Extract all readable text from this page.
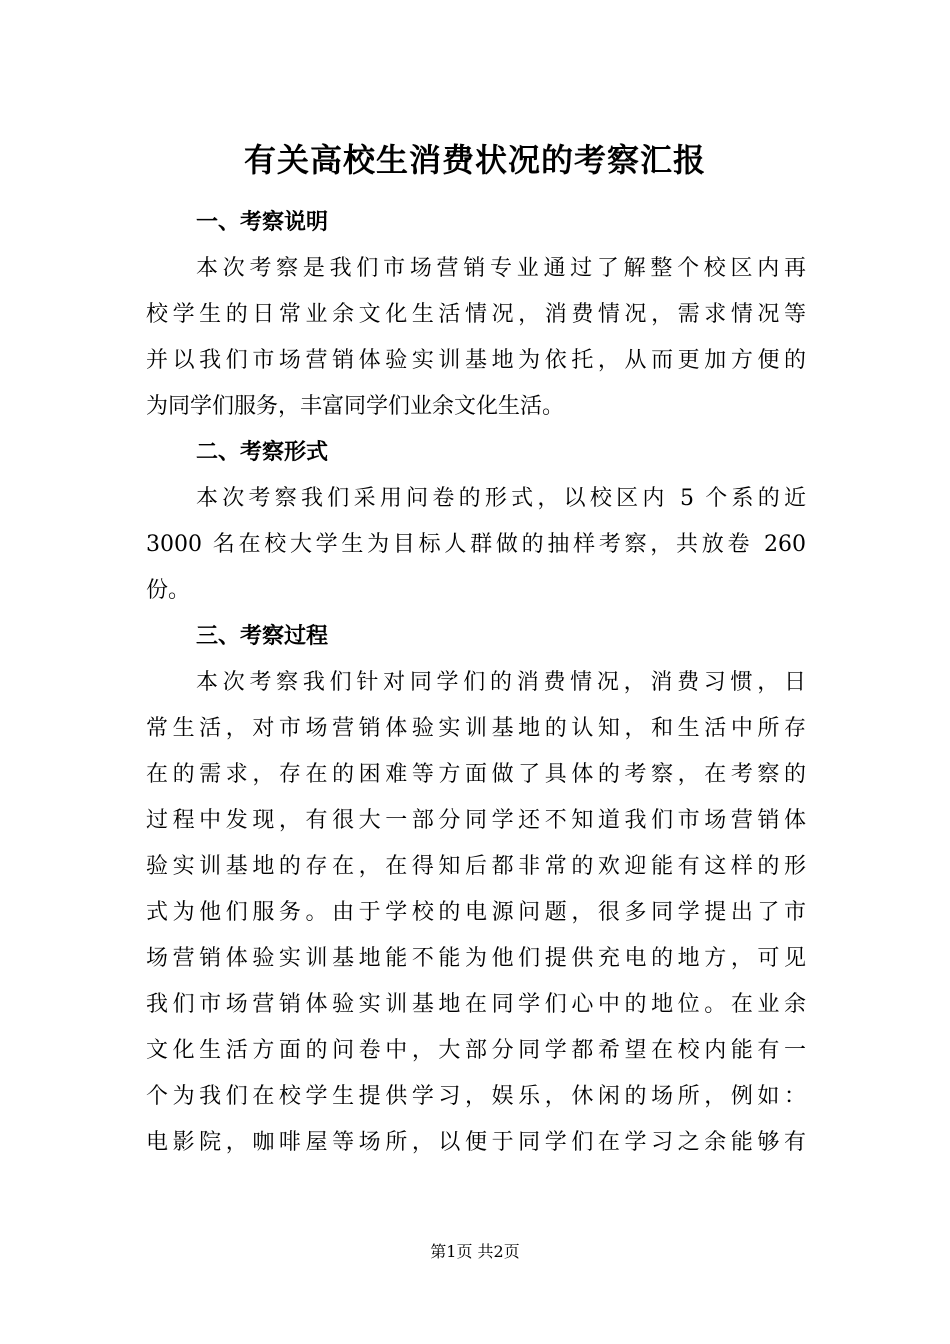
有关高校生消费状况的考察汇报
一、考察说明

本次考察是我们市场营销专业通过了解整个校区内再
校学生的日常业余文化生活情况，消费情况，需求情况等
并以我们市场营销体验实训基地为依托，从而更加方便的
为同学们服务，丰富同学们业余文化生活。

二、考察形式

本次考察我们采用问卷的形式，以校区内 5 个系的近
3000 名在校大学生为目标人群做的抽样考察，共放卷 260
份。

三、考察过程

本次考察我们针对同学们的消费情况，消费习惯，日
常生活，对市场营销体验实训基地的认知，和生活中所存
在的需求，存在的困难等方面做了具体的考察，在考察的
过程中发现，有很大一部分同学还不知道我们市场营销体
验实训基地的存在，在得知后都非常的欢迎能有这样的形
式为他们服务。由于学校的电源问题，很多同学提出了市
场营销体验实训基地能不能为他们提供充电的地方，可见
我们市场营销体验实训基地在同学们心中的地位。在业余
文化生活方面的问卷中，大部分同学都希望在校内能有一
个为我们在校学生提供学习，娱乐，休闲的场所，例如：
电影院，咖啡屋等场所，以便于同学们在学习之余能够有

第1页 共2页
